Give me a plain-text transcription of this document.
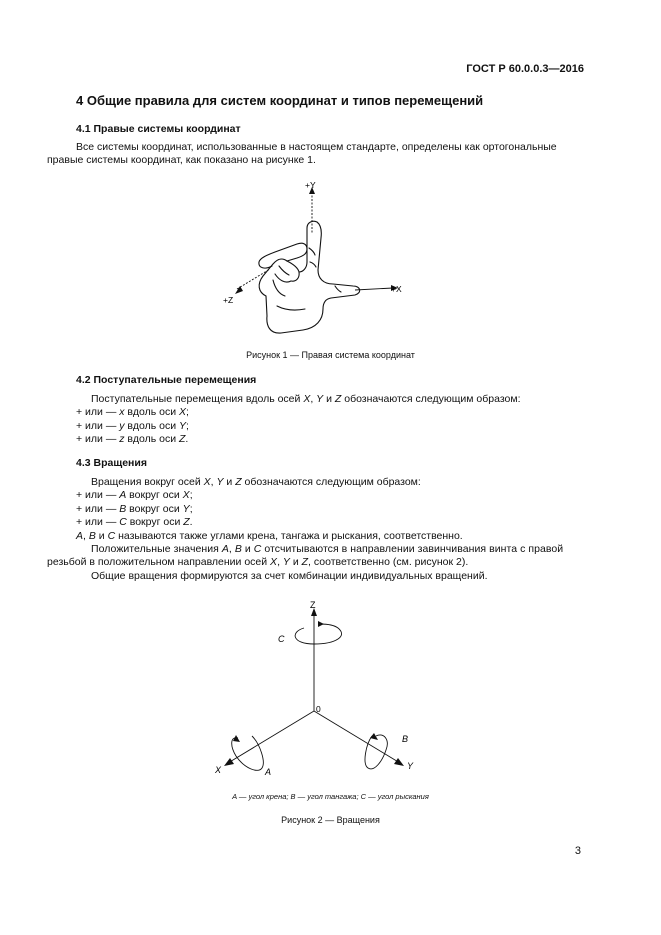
ГОСТ Р 60.0.0.3—2016
4 Общие правила для систем координат и типов перемещений
4.1 Правые системы координат
Все системы координат, использованные в настоящем стандарте, определены как ортогональные
правые системы координат, как показано на рисунке 1.
+Y
+X
+Z
Рисунок 1 — Правая система координат
4.2 Поступательные перемещения
Поступательные перемещения вдоль осей X, Y и Z обозначаются следующим образом:
+ или — x вдоль оси X;
+ или — y вдоль оси Y;
+ или — z вдоль оси Z.
4.3 Вращения
Вращения вокруг осей X, Y и Z обозначаются следующим образом:
+ или — A вокруг оси X;
+ или — B вокруг оси Y;
+ или — C вокруг оси Z.
A, B и C называются также углами крена, тангажа и рыскания, соответственно.
Положительные значения A, B и C отсчитываются в направлении завинчивания винта с правой
резьбой в положительном направлении осей X, Y и Z, соответственно (см. рисунок 2).
Общие вращения формируются за счет комбинации индивидуальных вращений.
Z
C
0
X	A
Y
B
A — угол крена; B — угол тангажа; C — угол рыскания
Рисунок 2 — Вращения
3
